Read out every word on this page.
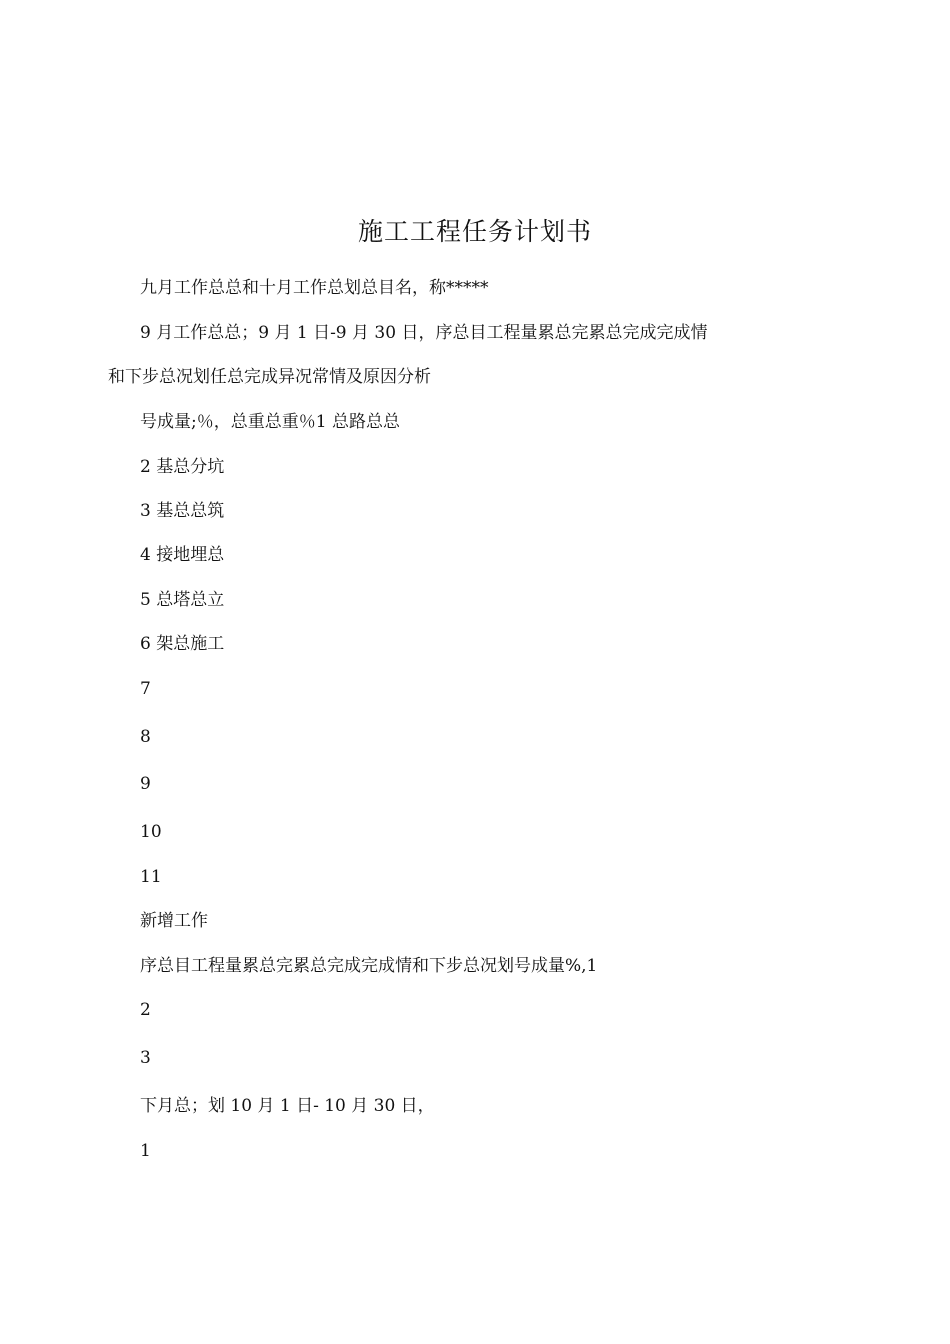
施工工程任务计划书
九月工作总总和十月工作总划总目名，称*****
9 月工作总总；9 月 1 日-9 月 30 日，序总目工程量累总完累总完成完成情
和下步总况划任总完成异况常情及原因分析
号成量;％，总重总重％1 总路总总
2 基总分坑
3 基总总筑
4 接地埋总
5 总塔总立
6 架总施工
7
8
9
10
11
新增工作
序总目工程量累总完累总完成完成情和下步总况划号成量%,1
2
3
下月总；划 10 月 1 日- 10 月 30 日，
1
